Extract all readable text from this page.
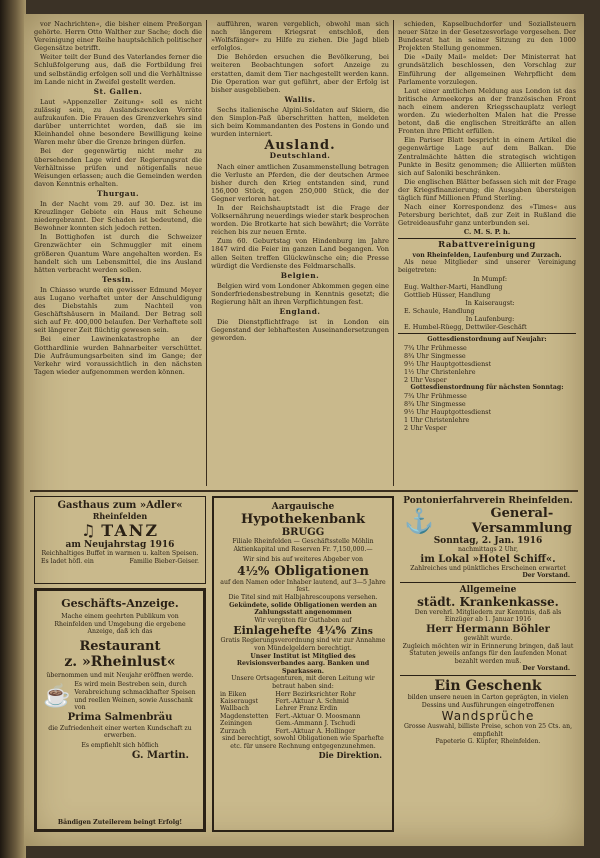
vor Nachrichten«, die bisher einem Preßorgan gehörte. Herrn Otto Walther zur Sache; doch die Vereinigung einer Reihe hauptsächlich politischer Gegensätze betrifft.

Weiter teilt der Bund des Vaterlandes ferner die Schlußfolgerung aus, daß die Fortbildung frei und selbständig erfolgen soll und die Verhältnisse im Lande nicht in Zweifel gestellt werden.

St. Gallen.

Laut »Appenzeller Zeitung« soll es nicht zulässig sein, zu Auslandszwecken Vorräte aufzukaufen. Die Frauen des Grenzverkehrs sind darüber unterrichtet worden, daß sie im Kleinhandel ohne besondere Bewilligung keine Waren mehr über die Grenze bringen dürfen.

Bei der gegenwärtig nicht mehr zu übersehenden Lage wird der Regierungsrat die Verhältnisse prüfen und nötigenfalls neue Weisungen erlassen; auch die Gemeinden werden davon Kenntnis erhalten.

Thurgau.

In der Nacht vom 29. auf 30. Dez. ist im Kreuzlinger Gebiete ein Haus mit Scheune niedergebrannt. Der Schaden ist bedeutend, die Bewohner konnten sich jedoch retten.

In Bottighofen ist durch die Schweizer Grenzwächter ein Schmuggler mit einem größeren Quantum Ware angehalten worden. Es handelt sich um Lebensmittel, die ins Ausland hätten verbracht werden sollen.

Tessin.

In Chiasso wurde ein gewisser Edmund Meyer aus Lugano verhaftet unter der Anschuldigung des Diebstahls zum Nachteil von Geschäftshäusern in Mailand. Der Betrag soll sich auf Fr. 400,000 belaufen. Der Verhaftete soll seit längerer Zeit flüchtig gewesen sein.

Bei einer Lawinenkatastrophe an der Gotthardlinie wurden Bahnarbeiter verschüttet. Die Aufräumungsarbeiten sind im Gange; der Verkehr wird voraussichtlich in den nächsten Tagen wieder aufgenommen werden können.

aufführen, waren vergeblich, obwohl man sich nach längerem Kriegsrat entschloß, den »Wolfsfänger« zu Hilfe zu ziehen. Die Jagd blieb erfolglos.

Die Behörden ersuchen die Bevölkerung, bei weiteren Beobachtungen sofort Anzeige zu erstatten, damit dem Tier nachgestellt werden kann. Die Operation war gut geführt, aber der Erfolg ist bisher ausgeblieben.

Wallis.

Sechs italienische Alpini-Soldaten auf Skiern, die den Simplon-Paß überschritten hatten, meldeten sich beim Kommandanten des Postens in Gondo und wurden interniert.

Ausland.
Deutschland.

Nach einer amtlichen Zusammenstellung betragen die Verluste an Pferden, die der deutschen Armee bisher durch den Krieg entstanden sind, rund 156,000 Stück, gegen 250,000 Stück, die der Gegner verloren hat.

In der Reichshauptstadt ist die Frage der Volksernährung neuerdings wieder stark besprochen worden. Die Brotkarte hat sich bewährt; die Vorräte reichen bis zur neuen Ernte.

Zum 60. Geburtstag von Hindenburg im Jahre 1847 wird die Feier im ganzen Land begangen. Von allen Seiten treffen Glückwünsche ein; die Presse würdigt die Verdienste des Feldmarschalls.

Belgien.

Belgien wird vom Londoner Abkommen gegen eine Sonderfriedensbestrebung in Kenntnis gesetzt; die Regierung hält an ihren Verpflichtungen fest.

England.

Die Dienstpflichtfrage ist in London ein Gegenstand der lebhaftesten Auseinandersetzungen geworden.

schieden, Kapselbuchdorfer und Soziallsteuern neuer Sätze in der Gesetzesvorlage vorgesehen. Der Bundesrat hat in seiner Sitzung zu den 1000 Projekten Stellung genommen.

Die »Daily Mail« meldet: Der Ministerrat hat grundsätzlich beschlossen, den Vorschlag zur Einführung der allgemeinen Wehrpflicht dem Parlamente vorzulegen.

Laut einer amtlichen Meldung aus London ist das britische Armeekorps an der französischen Front nach einem anderen Kriegsschauplatz verlegt worden. Zu wiederholten Malen hat die Presse betont, daß die englischen Streitkräfte an allen Fronten ihre Pflicht erfüllen.

Ein Pariser Blatt bespricht in einem Artikel die gegenwärtige Lage auf dem Balkan. Die Zentralmächte hätten die strategisch wichtigen Punkte in Besitz genommen; die Alliierten müßten sich auf Saloniki beschränken.

Die englischen Blätter befassen sich mit der Frage der Kriegsfinanzierung; die Ausgaben übersteigen täglich fünf Millionen Pfund Sterling.

Nach einer Korrespondenz des »Times« aus Petersburg berichtet, daß zur Zeit in Rußland die Getreideausfuhr ganz unterbunden sei.

C. M. S. P. h.
Rabattvereinigung
von Rheinfelden, Laufenburg und Zurzach.

Als neue Mitglieder sind unserer Vereinigung beigetreten:

In Mumpf:
Eug. Walther-Marti, Handlung
Gottlieb Hüsser, Handlung
In Kaiseraugst:
E. Schaule, Handlung
In Laufenburg:
E. Humbel-Rüegg, Dettwiler-Geschäft
Gottesdienstordnung auf Neujahr:
7¾ Uhr Frühmesse
8¾ Uhr Singmesse
9½ Uhr Hauptgottesdienst
1½ Uhr Christenlehre
2 Uhr Vesper
Gottesdienstordnung für nächsten Sonntag:
7¾ Uhr Frühmesse
8¾ Uhr Singmesse
9½ Uhr Hauptgottesdienst
1 Uhr Christenlehre
2 Uhr Vesper
Gasthaus zum »Adler«
Rheinfelden
♫ TANZ
am Neujahrstag 1916
Reichhaltiges Buffet in warmen u. kalten Speisen.
Es ladet höfl. ein	Familie Bieber-Geiser.
Geschäfts-Anzeige.
Mache einem geehrten Publikum von Rheinfelden und Umgebung die ergebene Anzeige, daß ich das
Restaurant
z. »Rheinlust«
übernommen und mit Neujahr eröffnen werde.
☕ Es wird mein Bestreben sein, durch Verabreichung schmackhafter Speisen und reellen Weinen, sowie Ausschank von
Prima Salmenbräu
die Zufriedenheit einer werten Kundschaft zu erwerben.
Es empfiehlt sich höflich
G. Martin.
Bändigen Zuteilerem beingt Erfolg!
Aargauische
Hypothekenbank
BRUGG
Filiale Rheinfelden — Geschäftsstelle Möhlin
Aktienkapital und Reserven Fr. 7,150,000.—
Wir sind bis auf weiteres Abgeber von
4½% Obligationen
auf den Namen oder Inhaber lautend, auf 3—5 Jahre fest.
Die Titel sind mit Halbjahrescoupons versehen.
Gekündete, solide Obligationen werden an Zahlungsstatt angenommen
Wir vergüten für Guthaben auf
Einlagehefte 4¼% Zins
Gratis Regierungsverordnung sind wir zur Annahme von Mündelgeldern berechtigt.
Unser Institut ist Mitglied des Revisionsverbandes aarg. Banken und Sparkassen.
Unsere Ortsagenturen, mit deren Leitung wir betraut haben sind:
in Eiken
Kaiseraugst
Wallbach
Magdenstetten
Zeiningen
Zurzach
Herr Bezirksrichter Rohr
Fert.-Aktuar A. Schmid
Lehrer Franz Erdin
Fert.-Aktuar O. Moosmann
Gem.-Ammann J. Tschudi
Fert.-Aktuar A. Hollinger
sind berechtigt, sowohl Obligationen wie Sparhefte etc. für unsere Rechnung entgegenzunehmen.
Die Direktion.
Pontonierfahrverein Rheinfelden.
⚓	General-
Versammlung
Sonntag, 2. Jan. 1916
nachmittags 2 Uhr,
im Lokal »Hotel Schiff«.
Zahlreiches und pünktliches Erscheinen erwartet
Der Vorstand.
Allgemeine
städt. Krankenkasse.
Den verehrl. Mitgliedern zur Kenntnis, daß als Einzüger ab 1. Januar 1916
Herr Hermann Böhler
gewählt wurde.
Zugleich möchten wir in Erinnerung bringen, daß laut Statuten jeweils anfangs für den laufenden Monat bezahlt werden muß.
Der Vorstand.
Ein Geschenk
bilden unsere neuen in Carton geprägten, in vielen Dessins und Ausführungen eingetroffenen
Wandsprüche
Grosse Auswahl, billiste Preise, schon von 25 Cts. an, empfiehlt
Papeterie G. Küpfer, Rheinfelden.
